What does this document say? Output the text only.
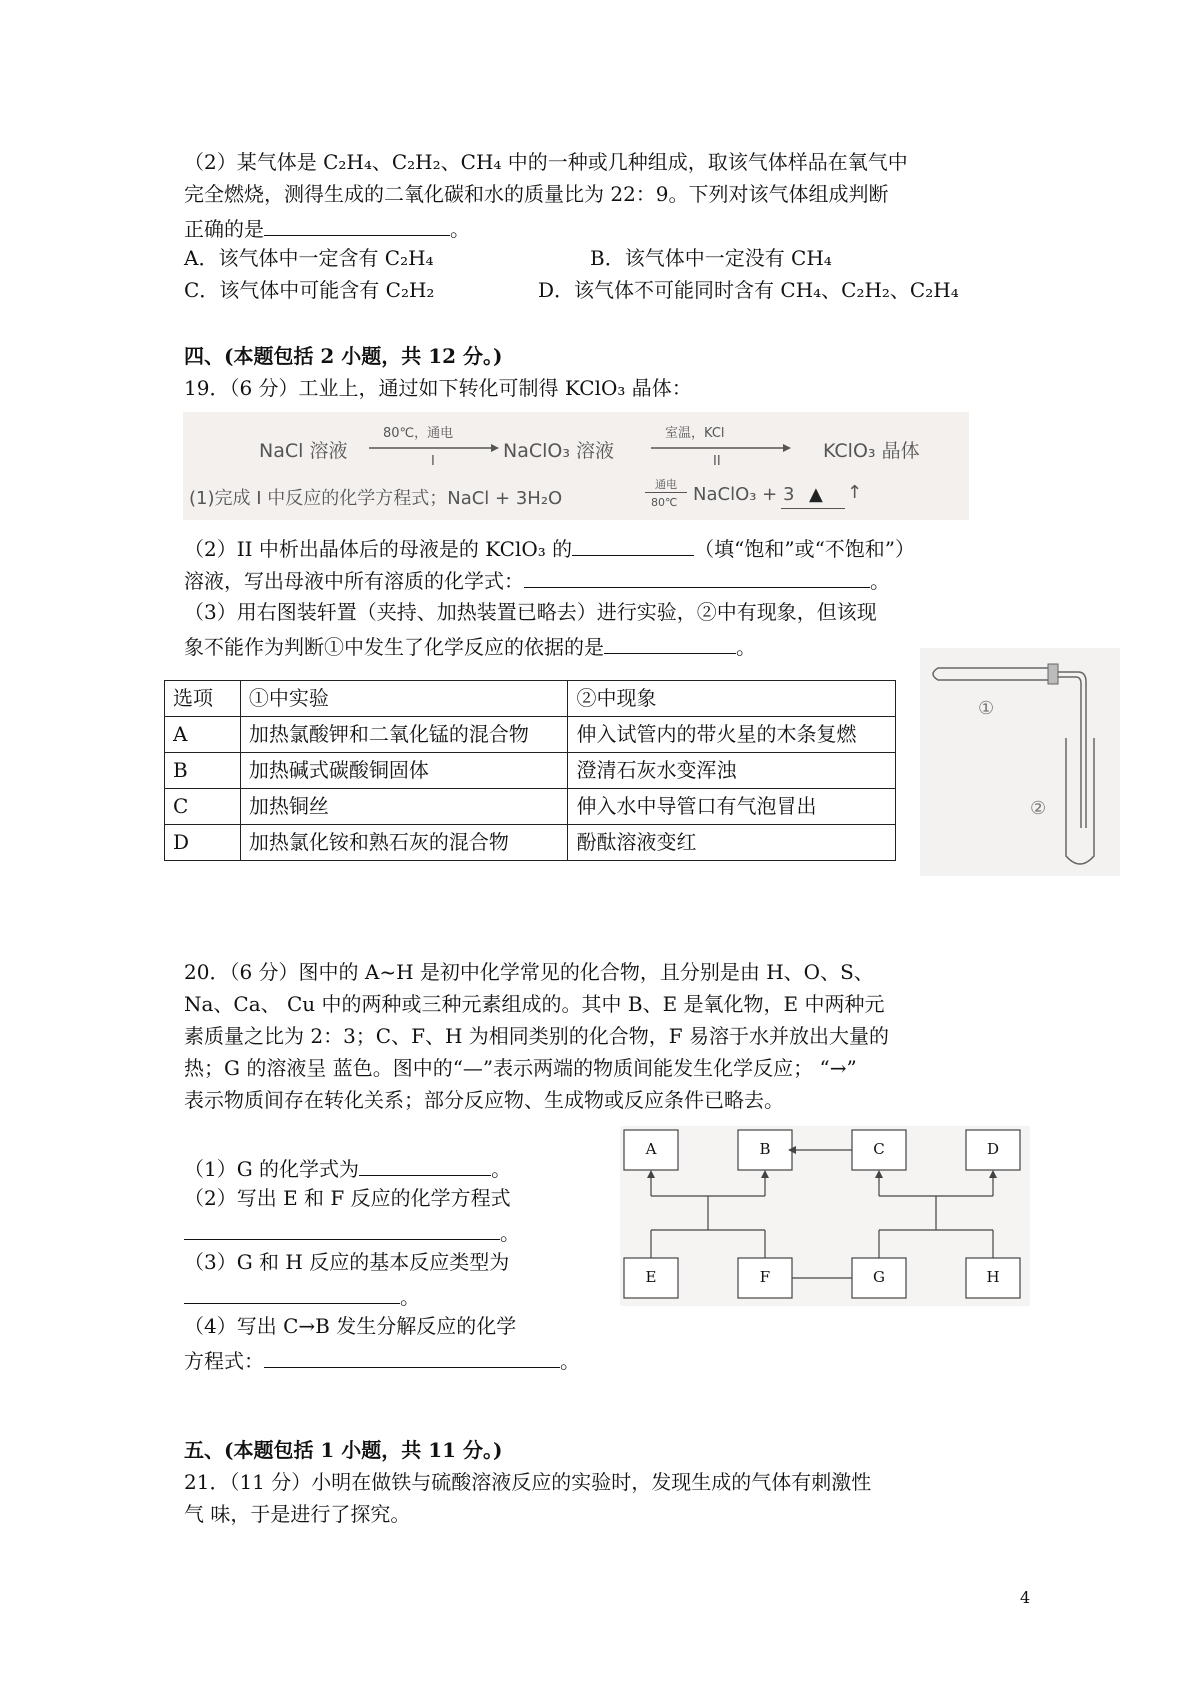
（2）某气体是 C₂H₄、C₂H₂、CH₄ 中的一种或几种组成，取该气体样品在氧气中
完全燃烧，测得生成的二氧化碳和水的质量比为 22：9。下列对该气体组成判断
正确的是	。
A．该气体中一定含有 C₂H₄	B．该气体中一定没有 CH₄
C．该气体中可能含有 C₂H₂	D．该气体不可能同时含有 CH₄、C₂H₂、C₂H₄
四、(本题包括 2 小题，共 12 分。)
19．（6 分）工业上，通过如下转化可制得 KClO₃ 晶体：
NaCl 溶液
80℃，通电
I	NaClO₃ 溶液
室温，KCl
II	KClO₃ 晶体
(1)完成 I 中反应的化学方程式；NaCl + 3H₂O
通电
80℃ NaClO₃ + 3 ▲ ↑
（2）II 中析出晶体后的母液是的 KClO₃ 的	（填“饱和”或“不饱和”）
溶液，写出母液中所有溶质的化学式：	。
（3）用右图装轩置（夹持、加热装置已略去）进行实验，②中有现象，但该现
象不能作为判断①中发生了化学反应的依据的是	。
选项	①中实验	②中现象
A	加热氯酸钾和二氧化锰的混合物	伸入试管内的带火星的木条复燃
B	加热碱式碳酸铜固体	澄清石灰水变浑浊
C	加热铜丝	伸入水中导管口有气泡冒出
D	加热氯化铵和熟石灰的混合物	酚酞溶液变红
①
②
20．（6 分）图中的 A~H 是初中化学常见的化合物，且分别是由 H、O、S、
Na、Ca、 Cu 中的两种或三种元素组成的。其中 B、E 是氧化物，E 中两种元
素质量之比为 2：3；C、F、H 为相同类别的化合物，F 易溶于水并放出大量的
热；G 的溶液呈 蓝色。图中的“—”表示两端的物质间能发生化学反应； “→”
表示物质间存在转化关系；部分反应物、生成物或反应条件已略去。
（1）G 的化学式为	。
（2）写出 E 和 F 反应的化学方程式
。
（3）G 和 H 反应的基本反应类型为
。
（4）写出 C→B 发生分解反应的化学
方程式：	。
A	B	C	D
E	F	G	H
五、(本题包括 1 小题，共 11 分。)
21．（11 分）小明在做铁与硫酸溶液反应的实验时，发现生成的气体有刺激性
气 味，于是进行了探究。
4
